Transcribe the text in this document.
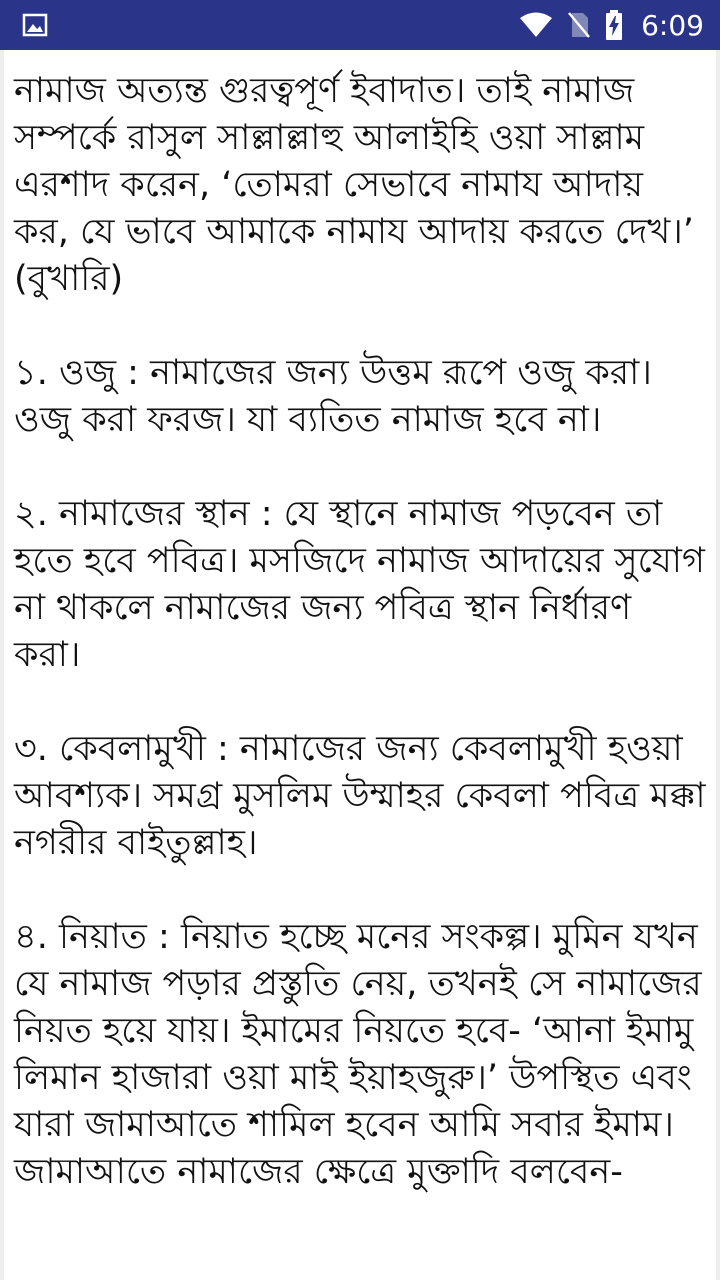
6:09

নামাজ অত্যন্ত গুরত্বপূর্ণ ইবাদাত। তাই নামাজ সম্পর্কে রাসুল সাল্লাল্লাহু আলাইহি ওয়া সাল্লাম এরশাদ করেন, ‘তোমরা সেভাবে নামায আদায় কর, যে ভাবে আমাকে নামায আদায় করতে দেখ।’ (বুখারি)

১. ওজু : নামাজের জন্য উত্তম রূপে ওজু করা। ওজু করা ফরজ। যা ব্যতিত নামাজ হবে না।

২. নামাজের স্থান : যে স্থানে নামাজ পড়বেন তা হতে হবে পবিত্র। মসজিদে নামাজ আদায়ের সুযোগ না থাকলে নামাজের জন্য পবিত্র স্থান নির্ধারণ করা।

৩. কেবলামুখী : নামাজের জন্য কেবলামুখী হওয়া আবশ্যক। সমগ্র মুসলিম উম্মাহর কেবলা পবিত্র মক্কা নগরীর বাইতুল্লাহ।

৪. নিয়াত : নিয়াত হচ্ছে মনের সংকল্প। মুমিন যখন যে নামাজ পড়ার প্রস্তুতি নেয়, তখনই সে নামাজের নিয়ত হয়ে যায়। ইমামের নিয়তে হবে- ‘আনা ইমামু লিমান হাজারা ওয়া মাই ইয়াহজুরু।’ উপস্থিত এবং যারা জামাআতে শামিল হবেন আমি সবার ইমাম। জামাআতে নামাজের ক্ষেত্রে মুক্তাদি বলবেন-
